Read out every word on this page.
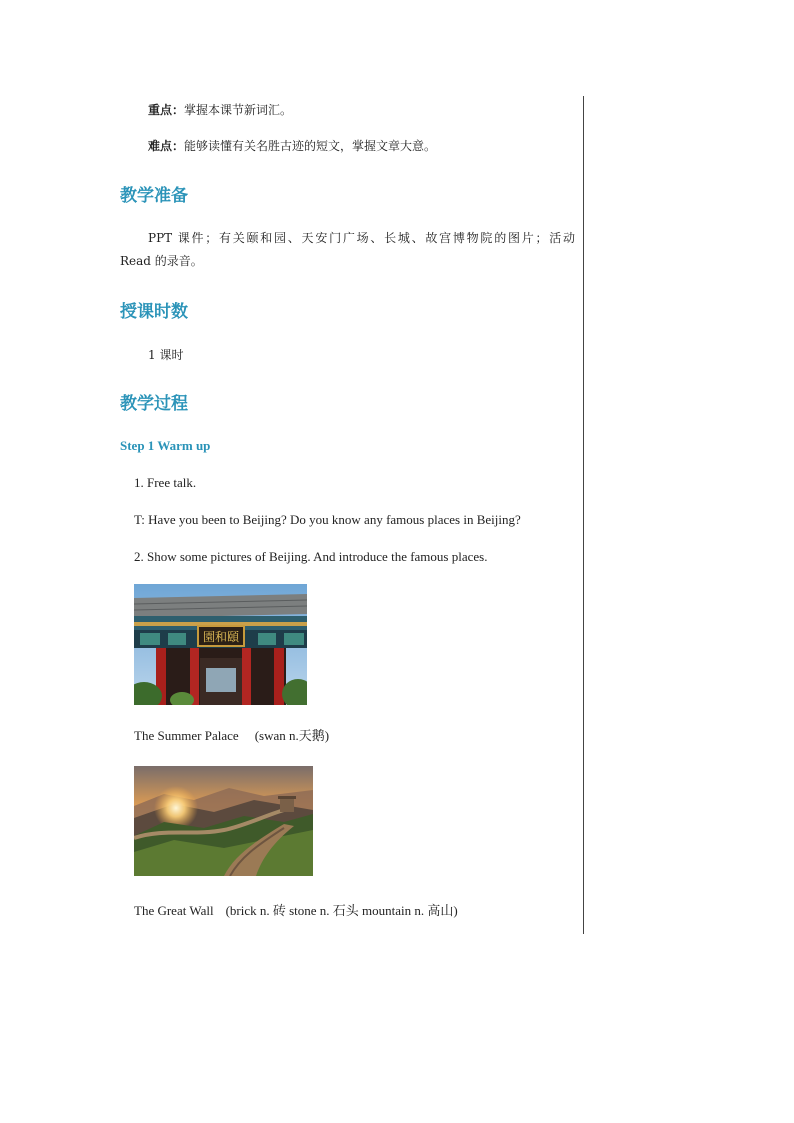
重点：掌握本课节新词汇。
难点：能够读懂有关名胜古迹的短文，掌握文章大意。
教学准备
PPT 课件；有关颐和园、天安门广场、长城、故宫博物院的图片；活动
Read 的录音。
授课时数
1 课时
教学过程
Step 1 Warm up
1. Free talk.
T: Have you been to Beijing? Do you know any famous places in Beijing?
2. Show some pictures of Beijing. And introduce the famous places.
園和頤
The Summer Palace (swan n.天鹅)
The Great Wall (brick n. 砖 stone n. 石头 mountain n. 高山)
